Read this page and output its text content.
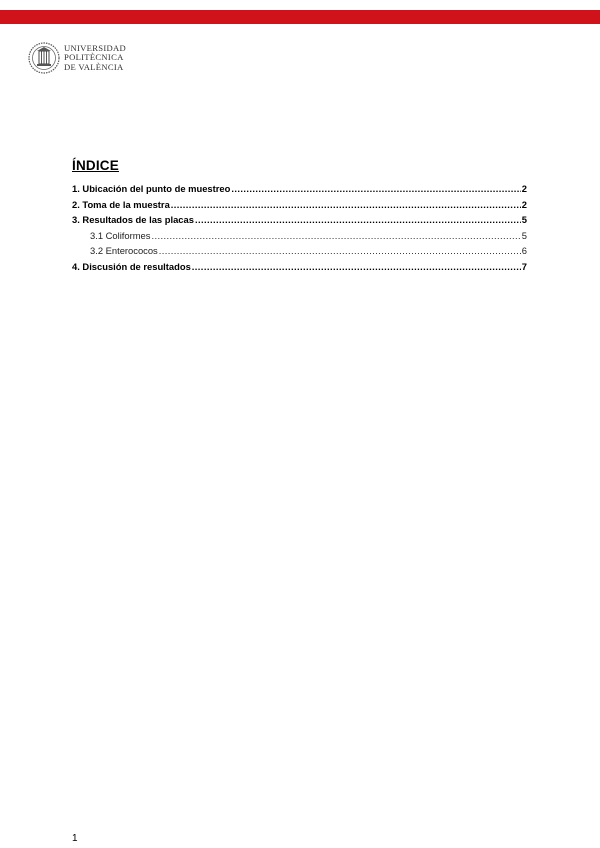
UNIVERSIDAD
POLITÈCNICA
DE VALÈNCIA
ÍNDICE
1. Ubicación del punto de muestreo .....	2
2. Toma de la muestra .....	2
3. Resultados de las placas .....	5
3.1 Coliformes .....	5
3.2 Enterococos .....	6
4. Discusión de resultados .....	7
1
